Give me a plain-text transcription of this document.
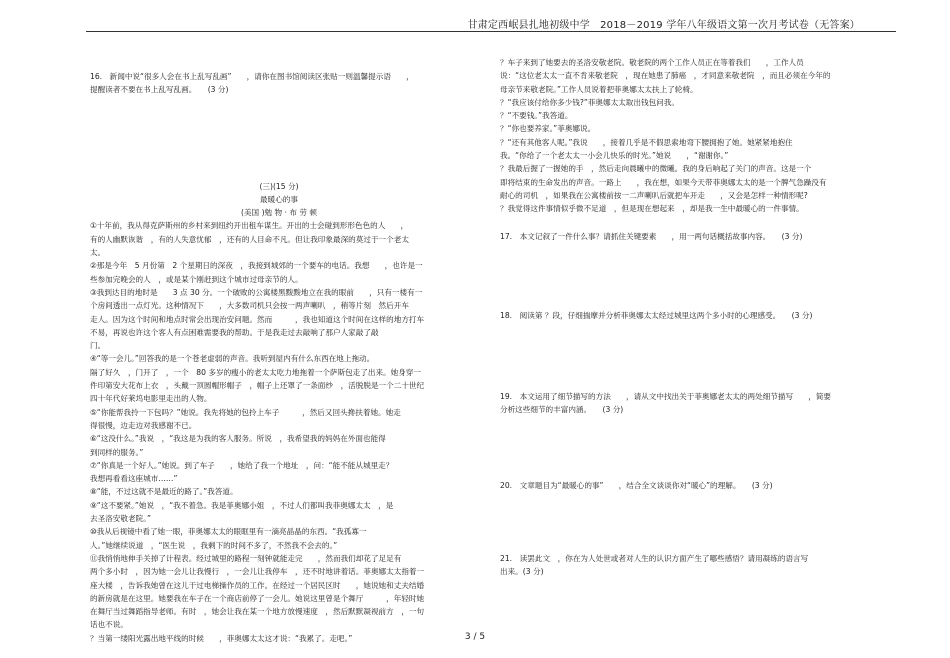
甘肃定西岷县扎地初级中学　2018－2019 学年八年级语文第一次月考试卷（无答案）

16.　新闻中说“很多人会在书上乱写乱画”　　，请你在图书馆阅读区张贴一则温馨提示语　　，

提醒读者不要在书上乱写乱画。　　(3 分)

(三)(15 分)

最暖心的事

(美国 )勉 物 · 布 劳 顿

①十年前，我从得克萨斯州的乡村来到纽约开出租车谋生。开出的士会碰到形形色色的人　　，

有的人幽默诙谐　，有的人失意忧郁　，还有的人目命不凡。但让我印象最深的莫过于一个老太

太。

②那是今年　5 月份第　2 个星期日的深夜　，我接到城郊的一个要车的电话。我想　　，也许是一

些参加完晚会的人　，或是某个刚赶到这个城市过母亲节的人。

③我到达目的地时是　　3 点 30 分。一个破败的公寓楼黑黢黢地立在我的眼前　　，只有一楼有一

个房间透出一点灯光。这种情况下　　，大多数司机只会按一两声喇叭　，稍等片刻　然后开车

走人。因为这个时间和地点时常会出现治安问题。然而　　　，我也知道这个时间在这样的地方打车

不易，再说也许这个客人有点困难需要我的帮助。于是我走过去敲响了那户人家敲了敲

门。

④“等一会儿。”回答我的是一个苍老虚弱的声音。我听到屋内有什么东西在地上拖动。

隔了好久　，门开了　，一个　80 多岁的瘦小的老太太吃力地拖着一个萨斯包走了出来。她身穿一

件印第安大花布上衣　，头戴一顶圆帽形帽子　，帽子上还罩了一条面纱　，活脱脱是一个二十世纪

四十年代好莱坞电影里走出的人物。

⑤“你能帮我拎一下包吗？”她说。我先将她的包拎上车子　　　，然后又回头搀扶着她。她走

得很慢，边走边对我感谢不已。

⑥“这没什么。”我说　，“我这是为我的客人服务。所说　，我希望我的妈妈在外面也能得

到同样的服务。”

⑦“你真是一个好人。”她说。到了车子　　，她给了我一个地址　，问：“能不能从城里走？

我想再看看这座城市……”

⑧“能，不过这就不是最近的路了。”我答道。

⑨“这不要紧。”她说　，“我不着急。我是菲奥娜小姐　，不过人们都叫我菲奥娜太太　，是

去圣洛安敬老院。”

⑩我从后视镜中看了她一眼，菲奥娜太太的眼眶里有一滴亮晶晶的东西。“我孤寡一

人。”她继续说道　，“医生说　，我剩下的时间不多了，不然我不会去的。”

⑪我悄悄地伸手关掉了计程表。经过城里的路程一刻钟就能走完　　，然而我们却花了足足有

两个多小时　，因为她一会儿让我慢行　，一会儿让我停车　，还不时地讲着话。菲奥娜太太指着一

座大楼　，告诉我她曾在这儿干过电梯操作员的工作。在经过一个居民区时　　，她说她和丈夫结婚

的新房就是在这里。她要我在车子在一个商店前停了一会儿。她说这里曾是个舞厅　　　，年轻时她

在舞厅当过舞蹈指导老师。有时　，她会让我在某一个地方放慢速度　，然后默默凝视前方　，一句

话也不说。

？当第一缕阳光露出地平线的时候　　，菲奥娜太太这才说：“我累了。走吧。”

？车子来到了她要去的圣洛安敬老院。敬老院的两个工作人员正在等着我们　　，工作人员

说：“这位老太太一直不肯来敬老院　，现在她患了肺癌　，才同意来敬老院　，而且必须在今年的

母亲节来敬老院。”工作人员说着把菲奥娜太太扶上了轮椅。

？“我应该付给你多少钱?”菲奥娜太太取出钱包问我。

？“不要钱。”我答道。

？“你也要养家。”菲奥娜说。

？“还有其他客人呢。”我说　　，接着几乎是不假思索地弯下腰拥抱了她。她紧紧地抱住

我。“你给了一个老太太一小会儿快乐的时光。”她说　　，“谢谢你。”

？我最后握了一握她的手　，然后走向晨曦中的微曦。我的身后响起了关门的声音。这是一个

即将结束的生命发出的声音。一路上　　，我在想，如果今天带菲奥娜太太的是一个脾气急躁没有

耐心的司机　，如果我在公寓楼前按一二声喇叭后就把车开走　　，又会是怎样一种情形呢?

？我觉得这件事情似乎微不足道　，但是现在想起来　，却是我一生中最暖心的一件事情。

17.　本文记叙了一件什么事？请抓住关键要素　　，用一两句话概括故事内容。　　(3 分)

18.　阅读第 ？段，仔细揣摩并分析菲奥娜太太经过城里这两个多小时的心理感受。　　(3 分)

19.　本文运用了细节描写的方法　　，请从文中找出关于菲奥娜老太太的两处细节描写　　，简要

分析这些细节的丰富内涵。　　(3 分)

20.　文章题目为“最暖心的事”　　，结合全文谈谈你对“暖心”的理解。　　(3 分)

21.　读罢此文　，你在为人处世或者对人生的认识方面产生了哪些感悟？请用凝练的语言写

出来。(3 分)

3 / 5
